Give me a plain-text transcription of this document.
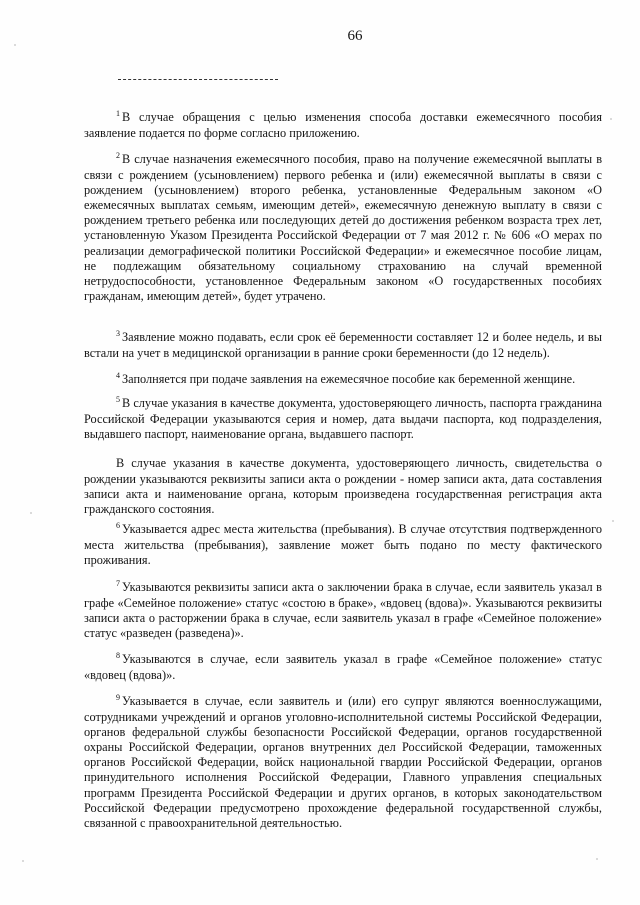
66

$^1$ В случае обращения с целью изменения способа доставки ежемесячного пособия заявление подается по форме согласно приложению.

$^2$ В случае назначения ежемесячного пособия, право на получение ежемесячной выплаты в связи с рождением (усыновлением) первого ребенка и (или) ежемесячной выплаты в связи с рождением (усыновлением) второго ребенка, установленные Федеральным законом «О ежемесячных выплатах семьям, имеющим детей», ежемесячную денежную выплату в связи с рождением третьего ребенка или последующих детей до достижения ребенком возраста трех лет, установленную Указом Президента Российской Федерации от 7 мая 2012 г. № 606 «О мерах по реализации демографической политики Российской Федерации» и ежемесячное пособие лицам, не подлежащим обязательному социальному страхованию на случай временной нетрудоспособности, установленное Федеральным законом «О государственных пособиях гражданам, имеющим детей», будет утрачено.

$^3$ Заявление можно подавать, если срок её беременности составляет 12 и более недель, и вы встали на учет в медицинской организации в ранние сроки беременности (до 12 недель).

$^4$ Заполняется при подаче заявления на ежемесячное пособие как беременной женщине.

$^5$ В случае указания в качестве документа, удостоверяющего личность, паспорта гражданина Российской Федерации указываются серия и номер, дата выдачи паспорта, код подразделения, выдавшего паспорт, наименование органа, выдавшего паспорт.

В случае указания в качестве документа, удостоверяющего личность, свидетельства о рождении указываются реквизиты записи акта о рождении - номер записи акта, дата составления записи акта и наименование органа, которым произведена государственная регистрация акта гражданского состояния.

$^6$ Указывается адрес места жительства (пребывания). В случае отсутствия подтвержденного места жительства (пребывания), заявление может быть подано по месту фактического проживания.

$^7$ Указываются реквизиты записи акта о заключении брака в случае, если заявитель указал в графе «Семейное положение» статус «состою в браке», «вдовец (вдова)». Указываются реквизиты записи акта о расторжении брака в случае, если заявитель указал в графе «Семейное положение» статус «разведен (разведена)».

$^8$ Указываются в случае, если заявитель указал в графе «Семейное положение» статус «вдовец (вдова)».

$^9$ Указывается в случае, если заявитель и (или) его супруг являются военнослужащими, сотрудниками учреждений и органов уголовно-исполнительной системы Российской Федерации, органов федеральной службы безопасности Российской Федерации, органов государственной охраны Российской Федерации, органов внутренних дел Российской Федерации, таможенных органов Российской Федерации, войск национальной гвардии Российской Федерации, органов принудительного исполнения Российской Федерации, Главного управления специальных программ Президента Российской Федерации и других органов, в которых законодательством Российской Федерации предусмотрено прохождение федеральной государственной службы, связанной с правоохранительной деятельностью.
